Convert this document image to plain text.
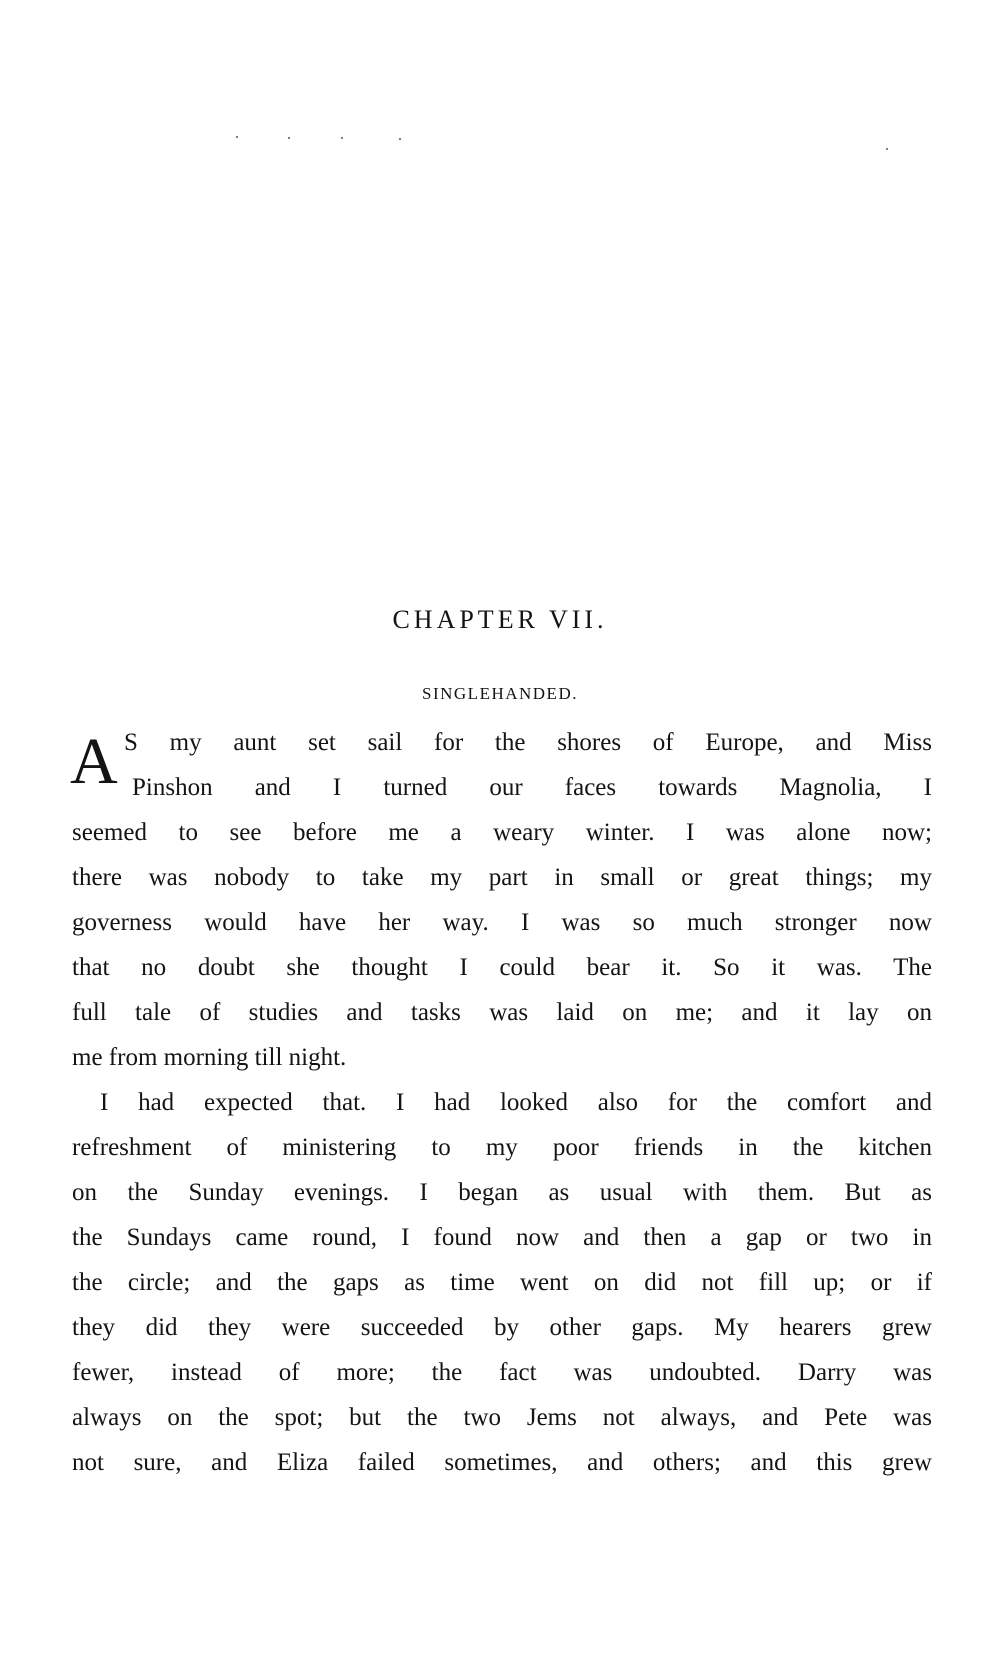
CHAPTER VII.
SINGLEHANDED.
A S my aunt set sail for the shores of Europe, and Miss
Pinshon and I turned our faces towards Magnolia, I
seemed to see before me a weary winter. I was alone now;
there was nobody to take my part in small or great things; my
governess would have her way. I was so much stronger now
that no doubt she thought I could bear it. So it was. The
full tale of studies and tasks was laid on me; and it lay on
me from morning till night.
I had expected that. I had looked also for the comfort and
refreshment of ministering to my poor friends in the kitchen
on the Sunday evenings. I began as usual with them. But as
the Sundays came round, I found now and then a gap or two in
the circle; and the gaps as time went on did not fill up; or if
they did they were succeeded by other gaps. My hearers grew
fewer, instead of more; the fact was undoubted. Darry was
always on the spot; but the two Jems not always, and Pete was
not sure, and Eliza failed sometimes, and others; and this grew
